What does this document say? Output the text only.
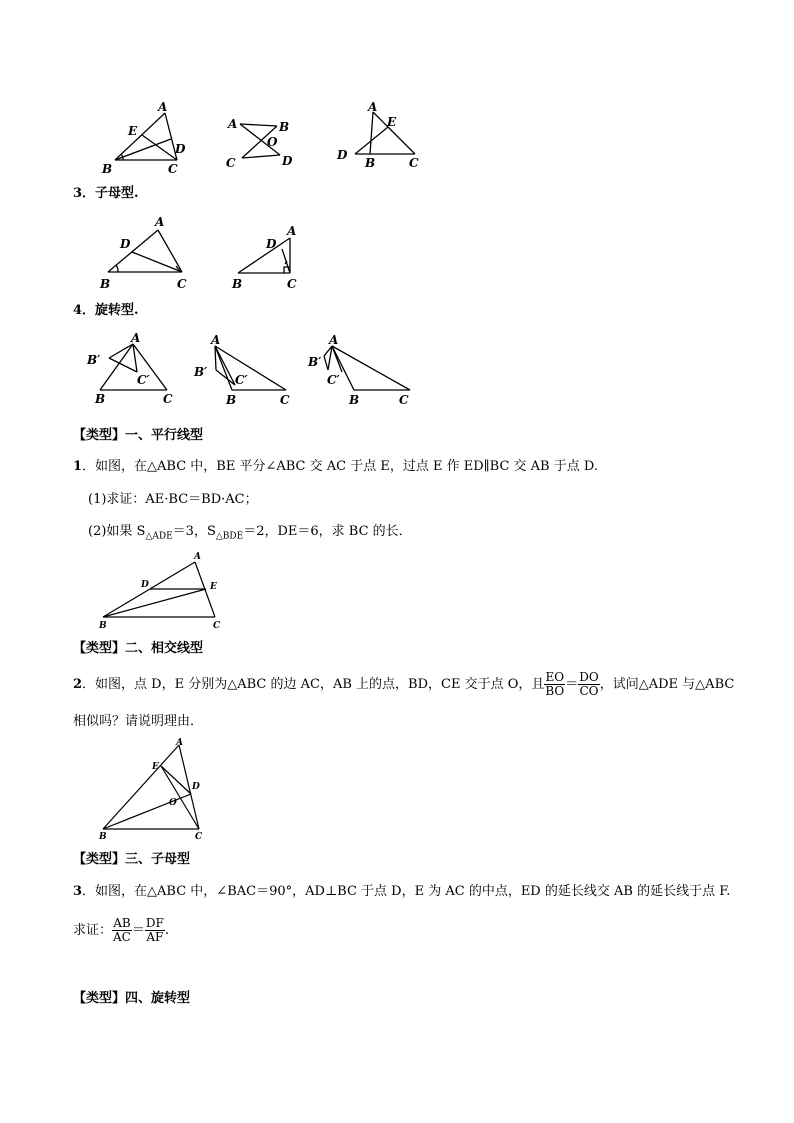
A
E
D
B	C
A	B
O
C	D
A
E
D
B	C
3．子母型.
A
D
B	C
A
D
B	C
4．旋转型.
A
B′
C′
B	C
A
B′
C′
B	C
A
B′
C′
B	C
【类型】一、平行线型
1．如图，在△ABC 中，BE 平分∠ABC 交 AC 于点 E，过点 E 作 ED∥BC 交 AB 于点 D.
(1)求证：AE·BC＝BD·AC；
(2)如果 $S_{\triangle ADE}=3$，$S_{\triangle BDE}=2$，DE＝6，求 BC 的长．
A
D	E
B	C
【类型】二、相交线型
2．如图，点 D，E 分别为△ABC 的边 AC，AB 上的点，BD，CE 交于点 O，且 $\frac{EO}{BO} = \frac{DO}{CO}$ ，试问△ADE 与△ABC
相似吗？请说明理由．
A
E
D
O
B	C
【类型】三、子母型
3．如图，在△ABC 中，∠BAC＝90°，AD⊥BC 于点 D，E 为 AC 的中点，ED 的延长线交 AB 的延长线于点 F.
求证： $\frac{AB}{AC} = \frac{DF}{AF}$ .
【类型】四、旋转型
